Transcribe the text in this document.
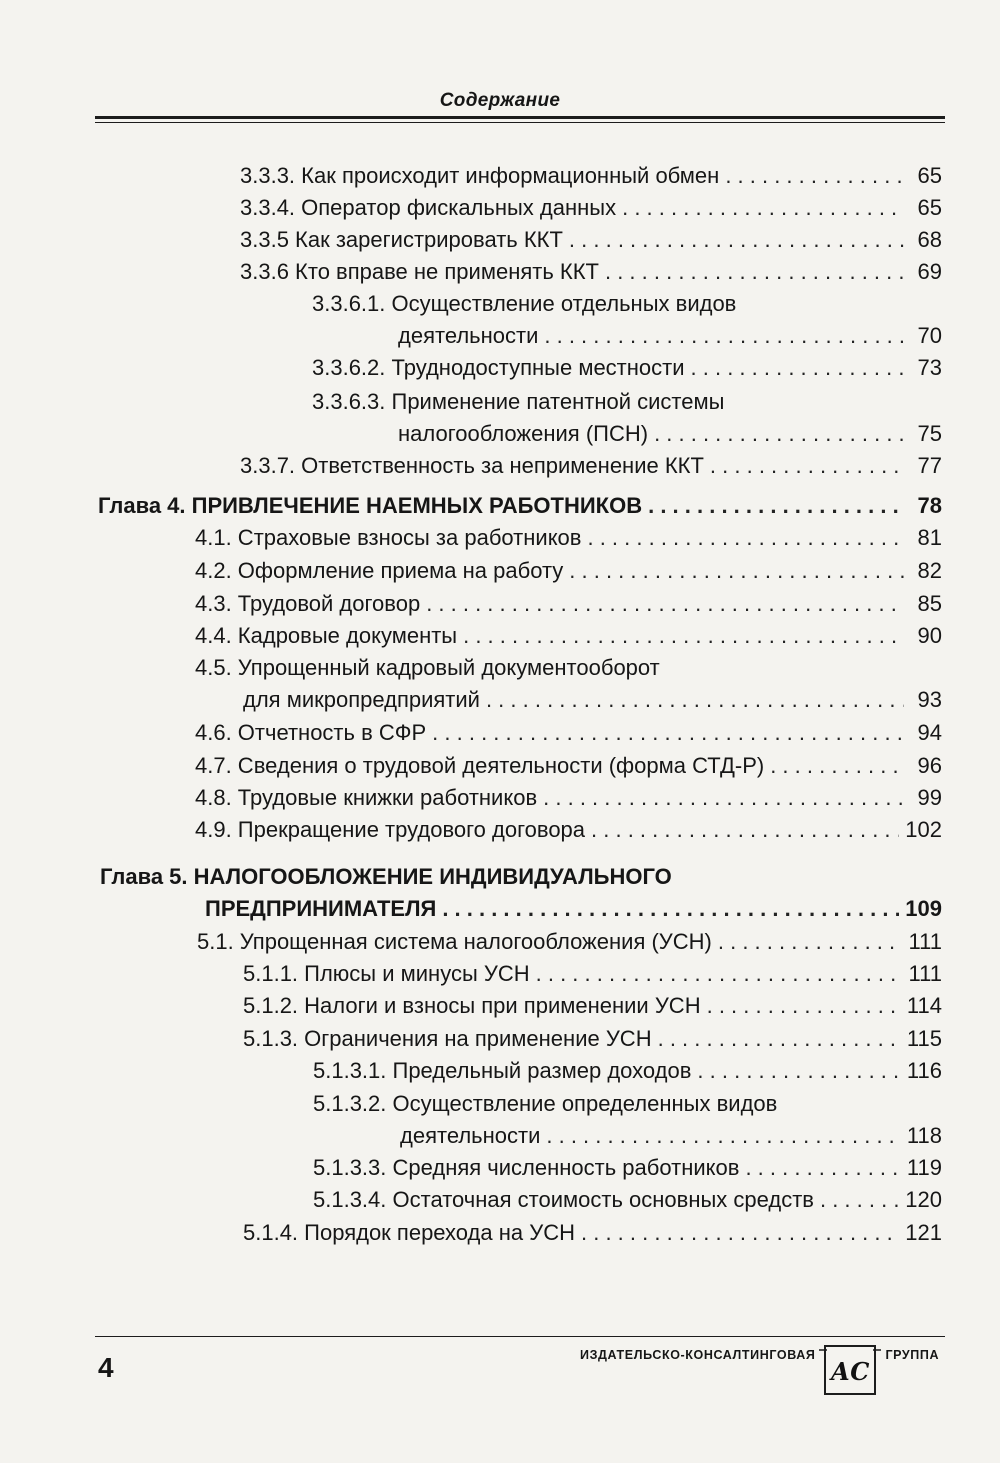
Содержание
3.3.3. Как происходит информационный обмен . . .	65
3.3.4. Оператор фискальных данных . . .	65
3.3.5 Как зарегистрировать ККТ . . .	68
3.3.6 Кто вправе не применять ККТ . . .	69
3.3.6.1. Осуществление отдельных видов
деятельности . . .	70
3.3.6.2. Труднодоступные местности . . .	73
3.3.6.3. Применение патентной системы
налогообложения (ПСН) . . .	75
3.3.7. Ответственность за неприменение ККТ . . .	77
Глава 4. ПРИВЛЕЧЕНИЕ НАЕМНЫХ РАБОТНИКОВ . . .	78
4.1. Страховые взносы за работников . . .	81
4.2. Оформление приема на работу . . .	82
4.3. Трудовой договор . . .	85
4.4. Кадровые документы . . .	90
4.5. Упрощенный кадровый документооборот
для микропредприятий . . .	93
4.6. Отчетность в СФР . . .	94
4.7. Сведения о трудовой деятельности (форма СТД-Р) . . .	96
4.8. Трудовые книжки работников . . .	99
4.9. Прекращение трудового договора . . .	102
Глава 5. НАЛОГООБЛОЖЕНИЕ ИНДИВИДУАЛЬНОГО
ПРЕДПРИНИМАТЕЛЯ . . .	109
5.1. Упрощенная система налогообложения (УСН) . . .	111
5.1.1. Плюсы и минусы УСН . . .	111
5.1.2. Налоги и взносы при применении УСН . . .	114
5.1.3. Ограничения на применение УСН . . .	115
5.1.3.1. Предельный размер доходов . . .	116
5.1.3.2. Осуществление определенных видов
деятельности . . .	118
5.1.3.3. Средняя численность работников . . .	119
5.1.3.4. Остаточная стоимость основных средств . . .	120
5.1.4. Порядок перехода на УСН . . .	121
4	ИЗДАТЕЛЬСКО-КОНСАЛТИНГОВАЯ
АС
ГРУППА
